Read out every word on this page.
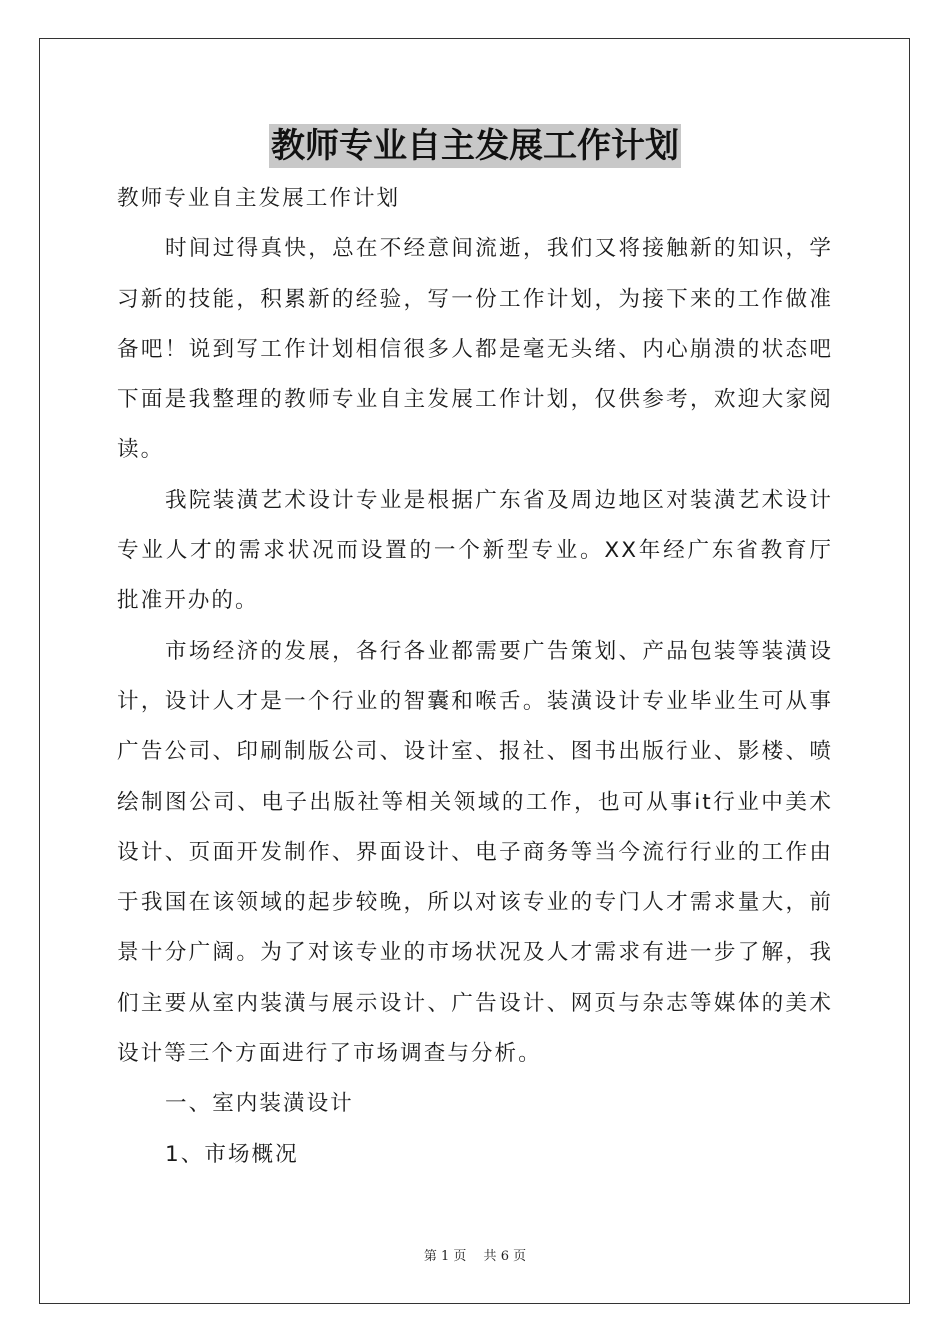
教师专业自主发展工作计划

教师专业自主发展工作计划

时间过得真快，总在不经意间流逝，我们又将接触新的知识，学习新的技能，积累新的经验，写一份工作计划，为接下来的工作做准备吧！说到写工作计划相信很多人都是毫无头绪、内心崩溃的状态吧下面是我整理的教师专业自主发展工作计划，仅供参考，欢迎大家阅读。

我院装潢艺术设计专业是根据广东省及周边地区对装潢艺术设计专业人才的需求状况而设置的一个新型专业。XX年经广东省教育厅批准开办的。

市场经济的发展，各行各业都需要广告策划、产品包装等装潢设计，设计人才是一个行业的智囊和喉舌。装潢设计专业毕业生可从事广告公司、印刷制版公司、设计室、报社、图书出版行业、影楼、喷绘制图公司、电子出版社等相关领域的工作，也可从事it行业中美术设计、页面开发制作、界面设计、电子商务等当今流行行业的工作由于我国在该领域的起步较晚，所以对该专业的专门人才需求量大，前景十分广阔。为了对该专业的市场状况及人才需求有进一步了解，我们主要从室内装潢与展示设计、广告设计、网页与杂志等媒体的美术设计等三个方面进行了市场调查与分析。

一、室内装潢设计

1、市场概况

第 1 页　 共 6 页
